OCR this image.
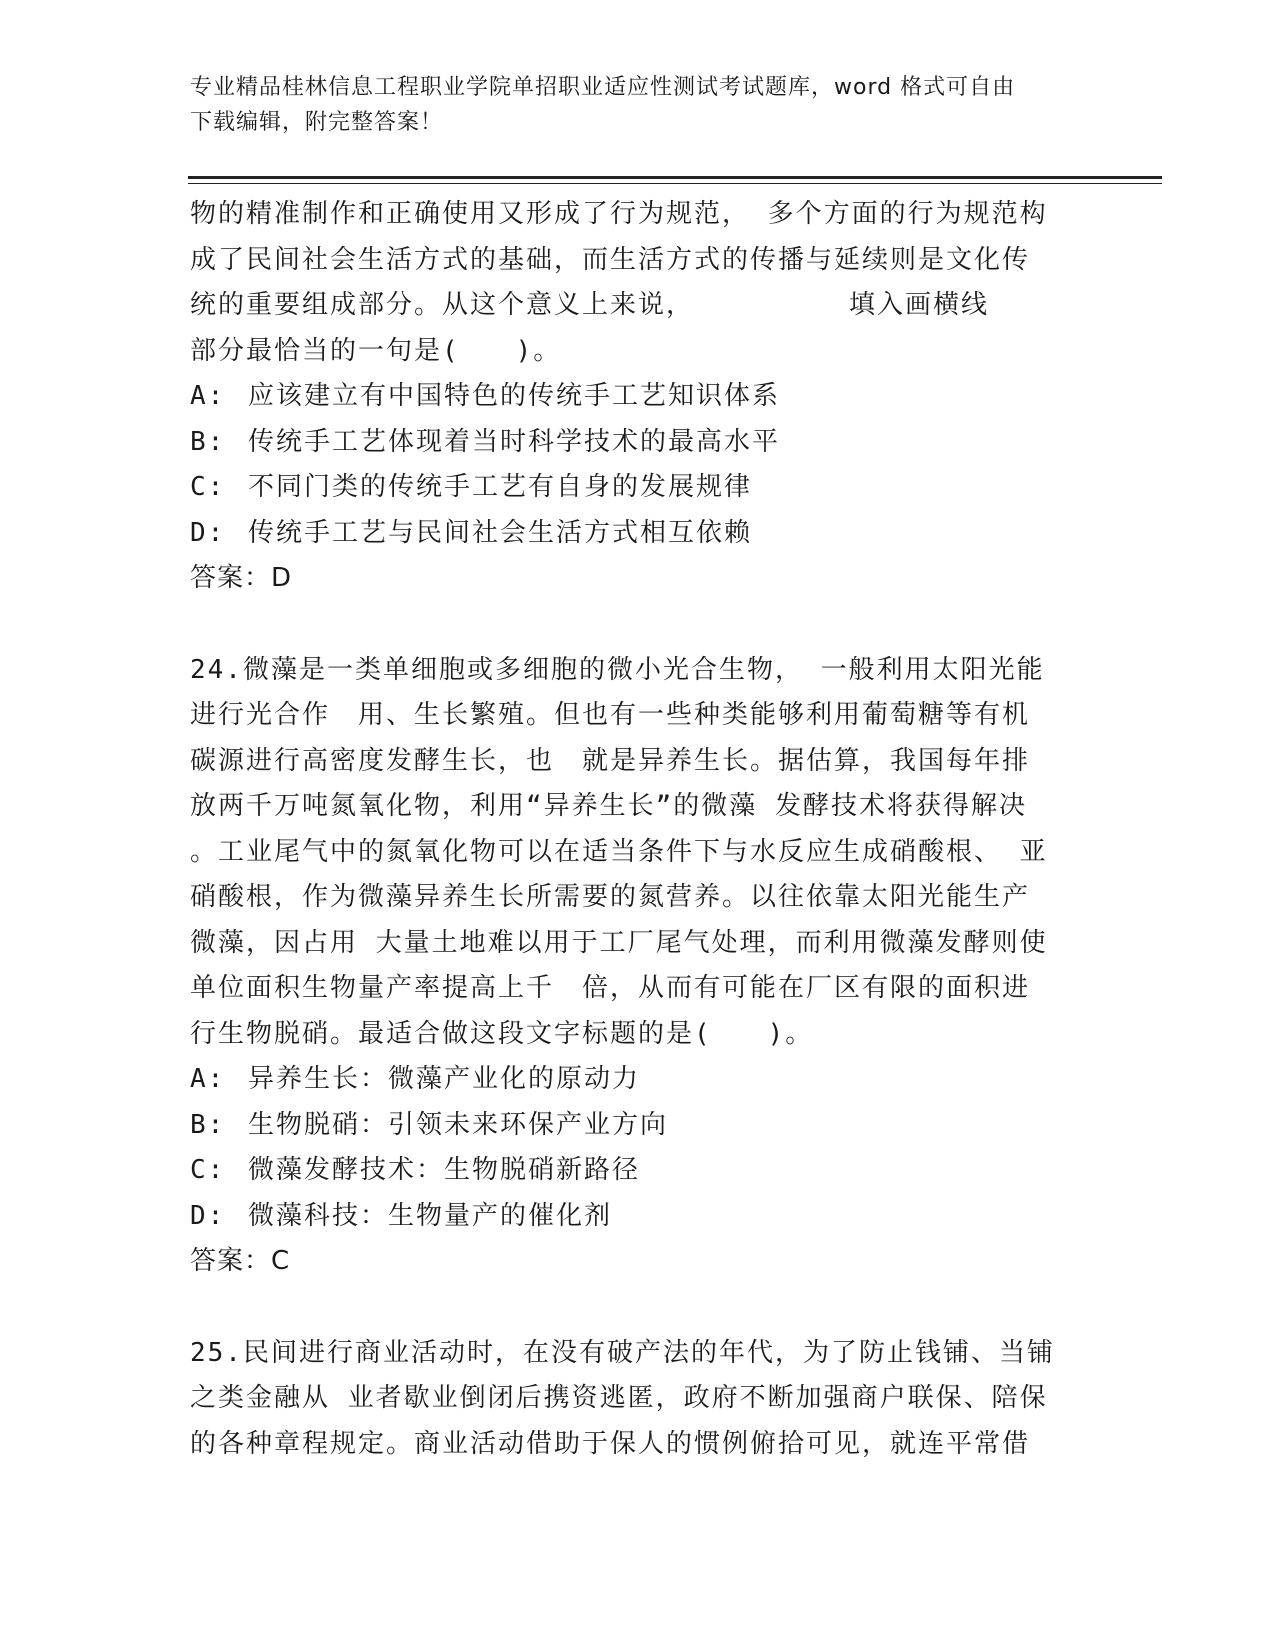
专业精品桂林信息工程职业学院单招职业适应性测试考试题库，word 格式可自由
下载编辑，附完整答案！

物的精准制作和正确使用又形成了行为规范， 多个方面的行为规范构

成了民间社会生活方式的基础，而生活方式的传播与延续则是文化传

统的重要组成部分。从这个意义上来说，　　　　　　填入画横线

部分最恰当的一句是(　　)。

A: 应该建立有中国特色的传统手工艺知识体系
B: 传统手工艺体现着当时科学技术的最高水平
C: 不同门类的传统手工艺有自身的发展规律
D: 传统手工艺与民间社会生活方式相互依赖
答案：D

24.微藻是一类单细胞或多细胞的微小光合生物， 一般利用太阳光能

进行光合作　用、生长繁殖。但也有一些种类能够利用葡萄糖等有机

碳源进行高密度发酵生长，也　就是异养生长。据估算，我国每年排

放两千万吨氮氧化物，利用“异养生长”的微藻 发酵技术将获得解决

。工业尾气中的氮氧化物可以在适当条件下与水反应生成硝酸根、 亚

硝酸根，作为微藻异养生长所需要的氮营养。以往依靠太阳光能生产

微藻，因占用 大量土地难以用于工厂尾气处理，而利用微藻发酵则使

单位面积生物量产率提高上千　倍，从而有可能在厂区有限的面积进

行生物脱硝。最适合做这段文字标题的是(　　)。

A: 异养生长：微藻产业化的原动力
B: 生物脱硝：引领未来环保产业方向
C: 微藻发酵技术：生物脱硝新路径
D: 微藻科技：生物量产的催化剂
答案：C

25.民间进行商业活动时，在没有破产法的年代，为了防止钱铺、当铺

之类金融从 业者歇业倒闭后携资逃匿，政府不断加强商户联保、陪保

的各种章程规定。商业活动借助于保人的惯例俯拾可见，就连平常借
